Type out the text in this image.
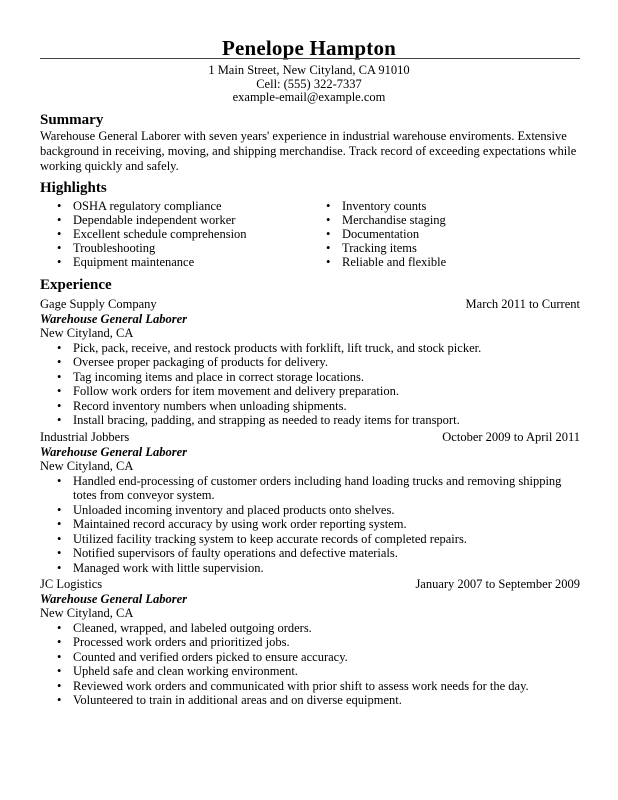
Penelope Hampton
1 Main Street, New Cityland, CA 91010
Cell: (555) 322-7337
example-email@example.com
Summary
Warehouse General Laborer with seven years' experience in industrial warehouse enviroments. Extensive background in receiving, moving, and shipping merchandise. Track record of exceeding expectations while working quickly and safely.
Highlights
• OSHA regulatory compliance
• Dependable independent worker
• Excellent schedule comprehension
• Troubleshooting
• Equipment maintenance
• Inventory counts
• Merchandise staging
• Documentation
• Tracking items
• Reliable and flexible
Experience
Gage Supply Company	March 2011 to Current
Warehouse General Laborer
New Cityland, CA
• Pick, pack, receive, and restock products with forklift, lift truck, and stock picker.
• Oversee proper packaging of products for delivery.
• Tag incoming items and place in correct storage locations.
• Follow work orders for item movement and delivery preparation.
• Record inventory numbers when unloading shipments.
• Install bracing, padding, and strapping as needed to ready items for transport.
Industrial Jobbers	October 2009 to April 2011
Warehouse General Laborer
New Cityland, CA
• Handled end-processing of customer orders including hand loading trucks and removing shipping totes from conveyor system.
• Unloaded incoming inventory and placed products onto shelves.
• Maintained record accuracy by using work order reporting system.
• Utilized facility tracking system to keep accurate records of completed repairs.
• Notified supervisors of faulty operations and defective materials.
• Managed work with little supervision.
JC Logistics	January 2007 to September 2009
Warehouse General Laborer
New Cityland, CA
• Cleaned, wrapped, and labeled outgoing orders.
• Processed work orders and prioritized jobs.
• Counted and verified orders picked to ensure accuracy.
• Upheld safe and clean working environment.
• Reviewed work orders and communicated with prior shift to assess work needs for the day.
• Volunteered to train in additional areas and on diverse equipment.
